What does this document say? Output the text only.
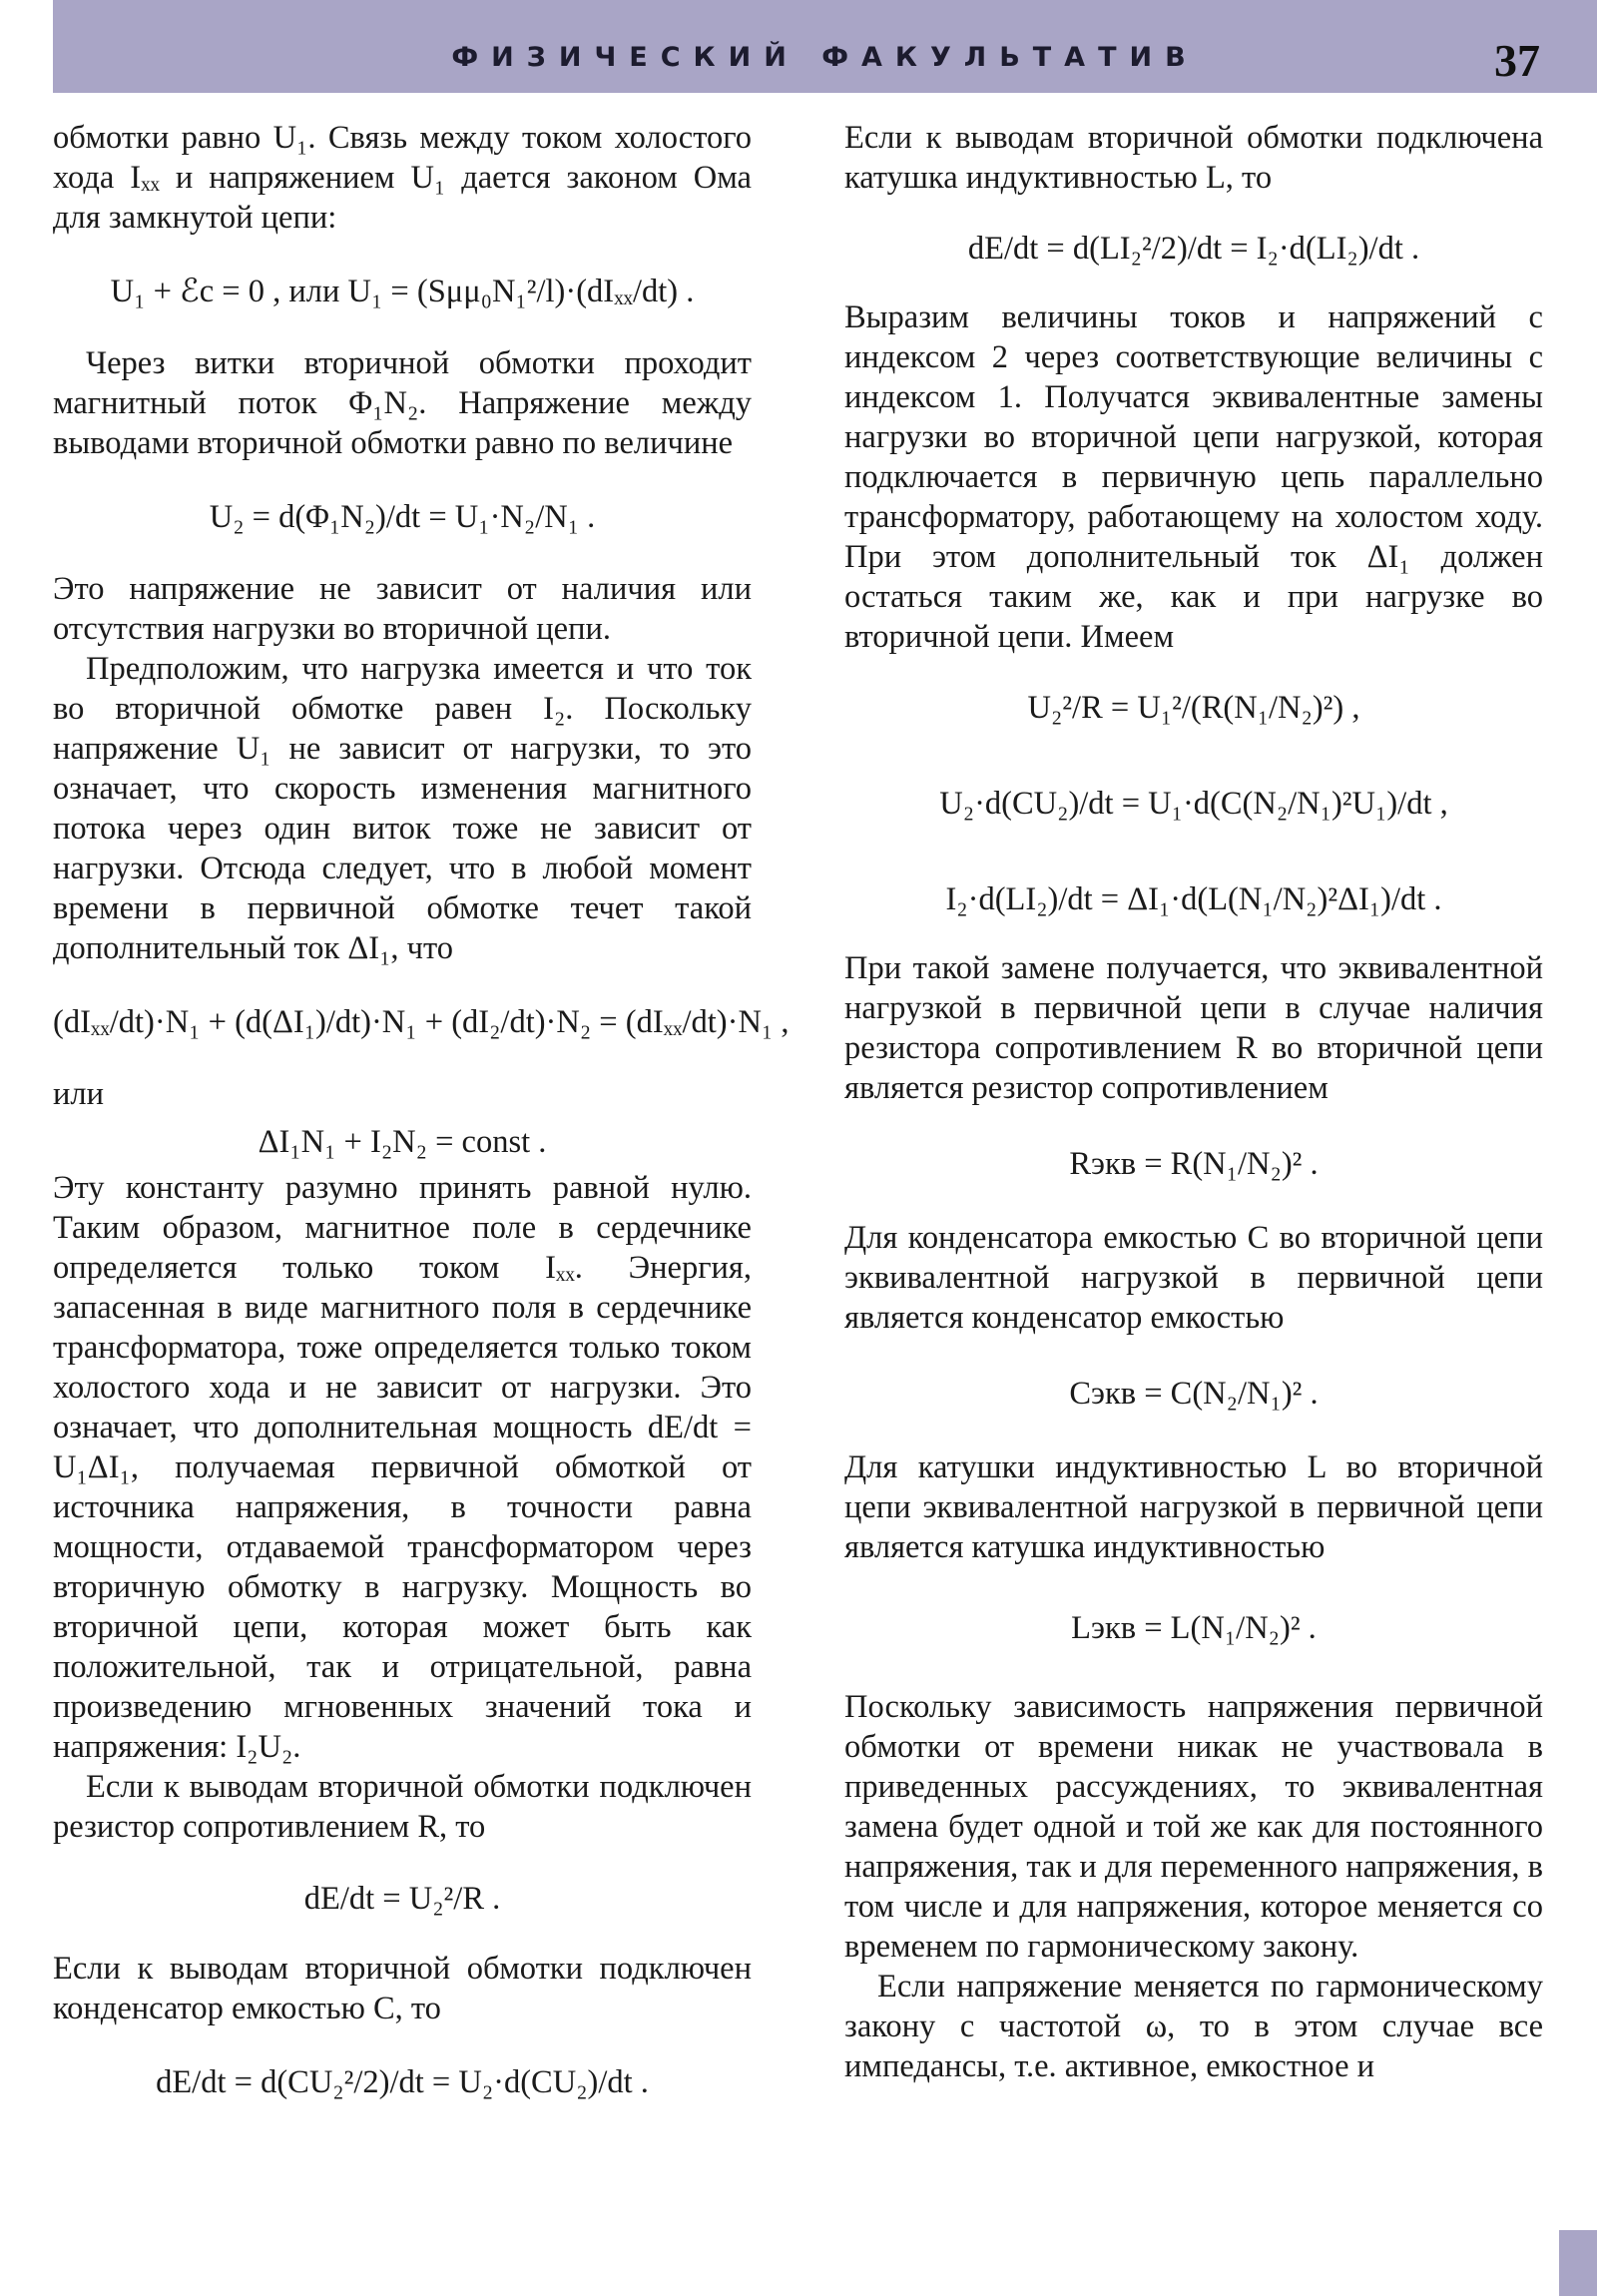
ФИЗИЧЕСКИЙ ФАКУЛЬТАТИВ	37

обмотки равно U₁. Связь между током холостого хода Iₓₓ и напряжением U₁ дается законом Ома для замкнутой цепи:

U₁ + ℰc = 0 , или U₁ = (Sμμ₀N₁²/l)·(dIₓₓ/dt) .

Через витки вторичной обмотки проходит магнитный поток Φ₁N₂. Напряжение между выводами вторичной обмотки равно по величине

U₂ = d(Φ₁N₂)/dt = U₁·N₂/N₁ .

Это напряжение не зависит от наличия или отсутствия нагрузки во вторичной цепи.

Предположим, что нагрузка имеется и что ток во вторичной обмотке равен I₂. Поскольку напряжение U₁ не зависит от нагрузки, то это означает, что скорость изменения магнитного потока через один виток тоже не зависит от нагрузки. Отсюда следует, что в любой момент времени в первичной обмотке течет такой дополнительный ток ΔI₁, что

(dIₓₓ/dt)·N₁ + (d(ΔI₁)/dt)·N₁ + (dI₂/dt)·N₂ = (dIₓₓ/dt)·N₁ ,

или

ΔI₁N₁ + I₂N₂ = const .

Эту константу разумно принять равной нулю. Таким образом, магнитное поле в сердечнике определяется только током Iₓₓ. Энергия, запасенная в виде магнитного поля в сердечнике трансформатора, тоже определяется только током холостого хода и не зависит от нагрузки. Это означает, что дополнительная мощность dE/dt = U₁ΔI₁, получаемая первичной обмоткой от источника напряжения, в точности равна мощности, отдаваемой трансформатором через вторичную обмотку в нагрузку. Мощность во вторичной цепи, которая может быть как положительной, так и отрицательной, равна произведению мгновенных значений тока и напряжения: I₂U₂.

Если к выводам вторичной обмотки подключен резистор сопротивлением R, то

dE/dt = U₂²/R .

Если к выводам вторичной обмотки подключен конденсатор емкостью C, то

dE/dt = d(CU₂²/2)/dt = U₂·d(CU₂)/dt .

Если к выводам вторичной обмотки подключена катушка индуктивностью L, то

dE/dt = d(LI₂²/2)/dt = I₂·d(LI₂)/dt .

Выразим величины токов и напряжений с индексом 2 через соответствующие величины с индексом 1. Получатся эквивалентные замены нагрузки во вторичной цепи нагрузкой, которая подключается в первичную цепь параллельно трансформатору, работающему на холостом ходу. При этом дополнительный ток ΔI₁ должен остаться таким же, как и при нагрузке во вторичной цепи. Имеем

U₂²/R = U₁²/(R(N₁/N₂)²) ,
U₂·d(CU₂)/dt = U₁·d(C(N₂/N₁)²U₁)/dt ,
I₂·d(LI₂)/dt = ΔI₁·d(L(N₁/N₂)²ΔI₁)/dt .

При такой замене получается, что эквивалентной нагрузкой в первичной цепи в случае наличия резистора сопротивлением R во вторичной цепи является резистор сопротивлением

Rэкв = R(N₁/N₂)² .

Для конденсатора емкостью C во вторичной цепи эквивалентной нагрузкой в первичной цепи является конденсатор емкостью

Cэкв = C(N₂/N₁)² .

Для катушки индуктивностью L во вторичной цепи эквивалентной нагрузкой в первичной цепи является катушка индуктивностью

Lэкв = L(N₁/N₂)² .

Поскольку зависимость напряжения первичной обмотки от времени никак не участвовала в приведенных рассуждениях, то эквивалентная замена будет одной и той же как для постоянного напряжения, так и для переменного напряжения, в том числе и для напряжения, которое меняется со временем по гармоническому закону.

Если напряжение меняется по гармоническому закону с частотой ω, то в этом случае все импедансы, т.е. активное, емкостное и
